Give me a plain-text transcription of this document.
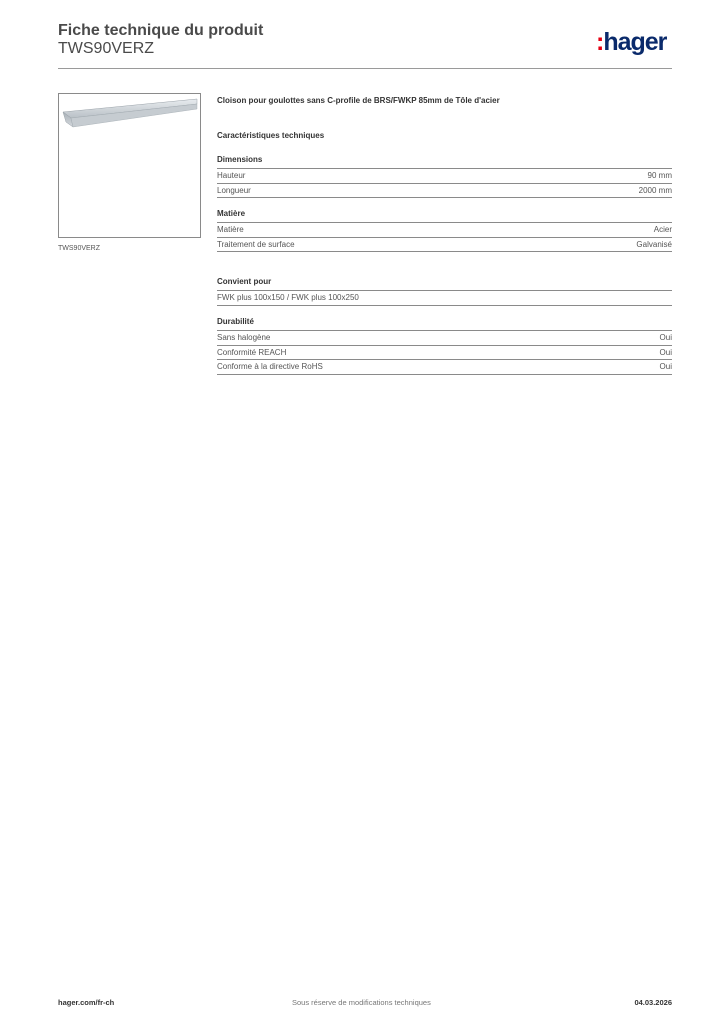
Fiche technique du produit
TWS90VERZ	:hager
TWS90VERZ
Cloison pour goulottes sans C-profile de BRS/FWKP 85mm de Tôle d'acier
Caractéristiques techniques
Dimensions
Hauteur	90 mm
Longueur	2000 mm
Matière
Matière	Acier
Traitement de surface	Galvanisé
Convient pour
FWK plus 100x150 / FWK plus 100x250
Durabilité
Sans halogène	Oui
Conformité REACH	Oui
Conforme à la directive RoHS	Oui
hager.com/fr-ch	Sous réserve de modifications techniques	04.03.2026
